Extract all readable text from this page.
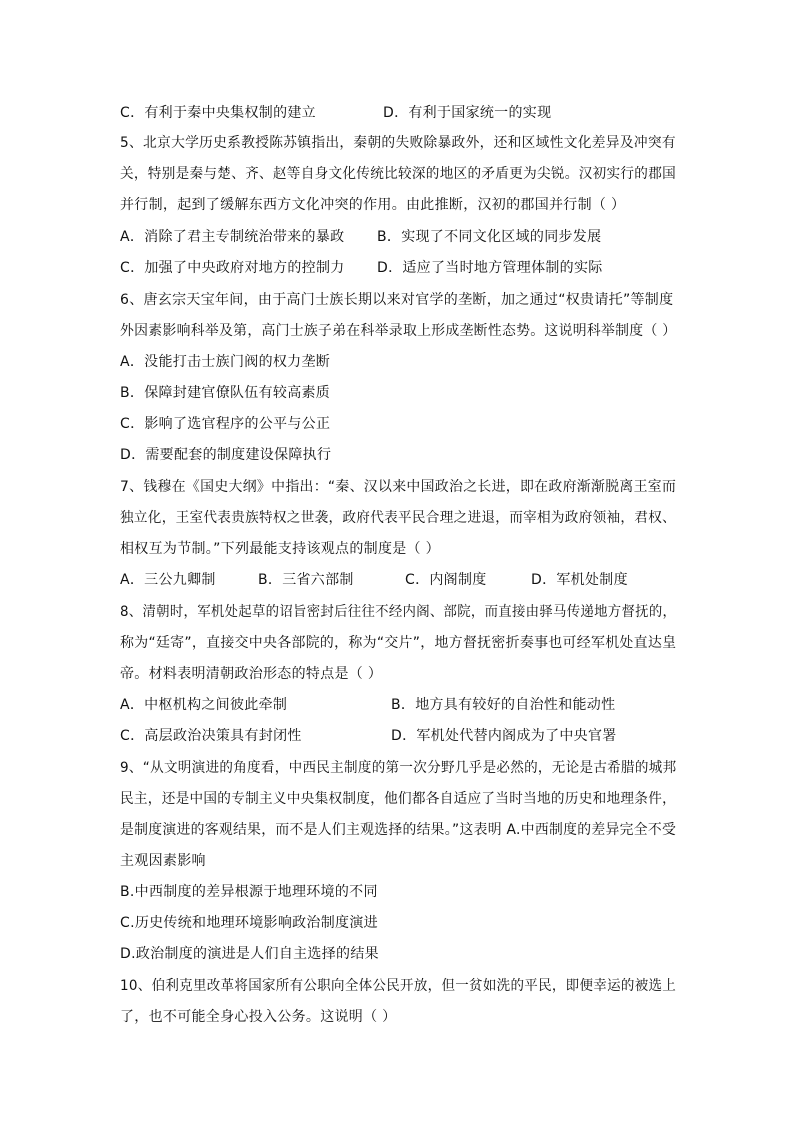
C．有利于秦中央集权制的建立	D．有利于国家统一的实现
5、北京大学历史系教授陈苏镇指出，秦朝的失败除暴政外，还和区域性文化差异及冲突有
关，特别是秦与楚、齐、赵等自身文化传统比较深的地区的矛盾更为尖锐。汉初实行的郡国
并行制，起到了缓解东西方文化冲突的作用。由此推断，汉初的郡国并行制（ ）
A．消除了君主专制统治带来的暴政 B．实现了不同文化区域的同步发展
C．加强了中央政府对地方的控制力 D．适应了当时地方管理体制的实际
6、唐玄宗天宝年间，由于高门士族长期以来对官学的垄断，加之通过“权贵请托”等制度
外因素影响科举及第，高门士族子弟在科举录取上形成垄断性态势。这说明科举制度（ ）
A．没能打击士族门阀的权力垄断
B．保障封建官僚队伍有较高素质
C．影响了选官程序的公平与公正
D．需要配套的制度建设保障执行
7、钱穆在《国史大纲》中指出：“秦、汉以来中国政治之长进，即在政府渐渐脱离王室而
独立化，王室代表贵族特权之世袭，政府代表平民合理之进退，而宰相为政府领袖，君权、
相权互为节制。”下列最能支持该观点的制度是（ ）
A．三公九卿制	B．三省六部制	C．内阁制度	D．军机处制度
8、清朝时，军机处起草的诏旨密封后往往不经内阁、部院，而直接由驿马传递地方督抚的，
称为“廷寄”，直接交中央各部院的，称为“交片”，地方督抚密折奏事也可经军机处直达皇
帝。材料表明清朝政治形态的特点是（ ）
A．中枢机构之间彼此牵制	B．地方具有较好的自治性和能动性
C．高层政治决策具有封闭性	D．军机处代替内阁成为了中央官署
9、“从文明演进的角度看，中西民主制度的第一次分野几乎是必然的，无论是古希腊的城邦
民主，还是中国的专制主义中央集权制度，他们都各自适应了当时当地的历史和地理条件，
是制度演进的客观结果，而不是人们主观选择的结果。”这表明 A.中西制度的差异完全不受
主观因素影响
B.中西制度的差异根源于地理环境的不同
C.历史传统和地理环境影响政治制度演进
D.政治制度的演进是人们自主选择的结果
10、伯利克里改革将国家所有公职向全体公民开放，但一贫如洗的平民，即便幸运的被选上
了，也不可能全身心投入公务。这说明（ ）
